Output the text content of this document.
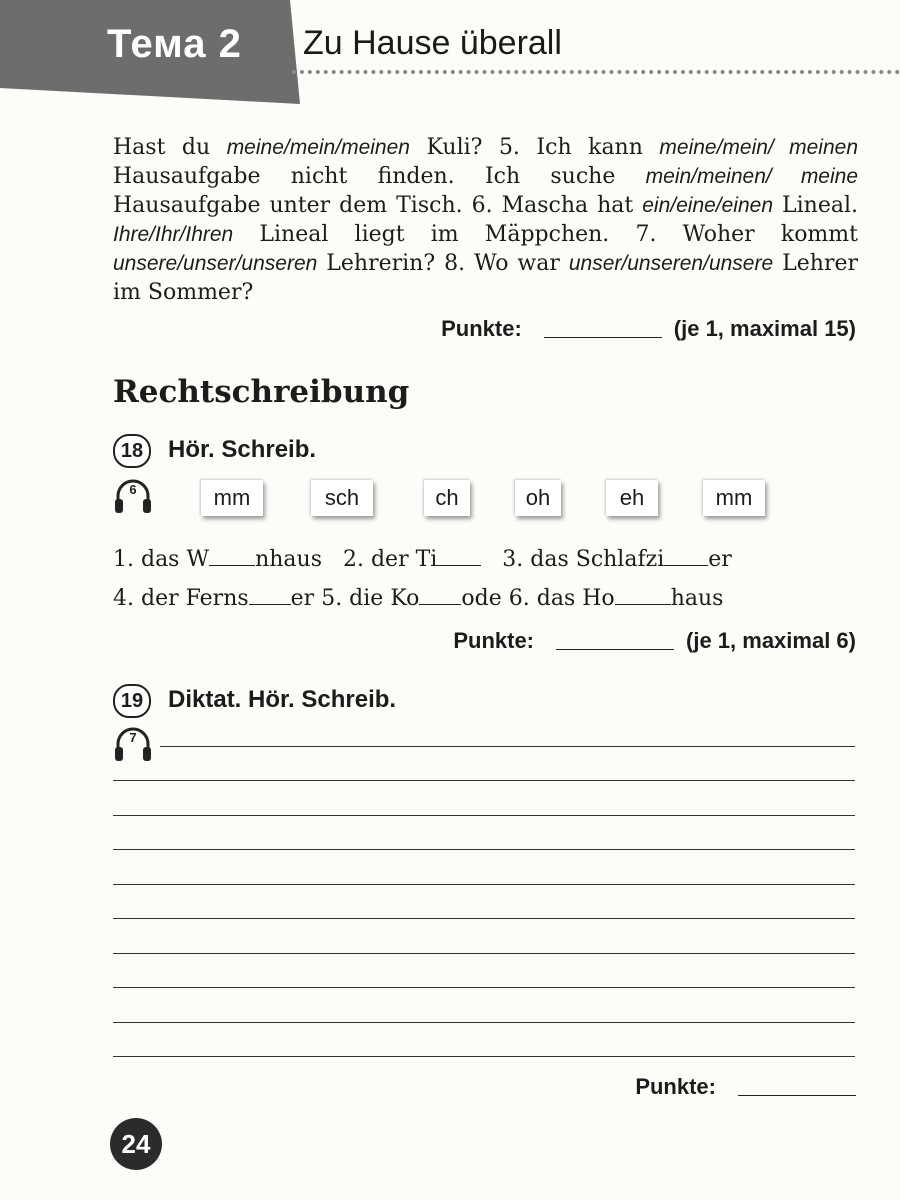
Тема 2 Zu Hause überall
Hast du meine/mein/meinen Kuli? 5. Ich kann meine/mein/ meinen Hausaufgabe nicht finden. Ich suche mein/meinen/ meine Hausaufgabe unter dem Tisch. 6. Mascha hat ein/eine/einen Lineal. Ihre/Ihr/Ihren Lineal liegt im Mäppchen. 7. Woher kommt unsere/unser/unseren Lehrerin? 8. Wo war unser/unseren/unsere Lehrer im Sommer?
Punkte:	(je 1, maximal 15)
Rechtschreibung
18	Hör. Schreib.
6	mm	sch	ch	oh	eh	mm
1. das W nhaus 2. der Ti	3. das Schlafzi er
4. der Ferns er 5. die Ko ode 6. das Ho	haus
Punkte:	(je 1, maximal 6)
19	Diktat. Hör. Schreib.
7
Punkte:
24
